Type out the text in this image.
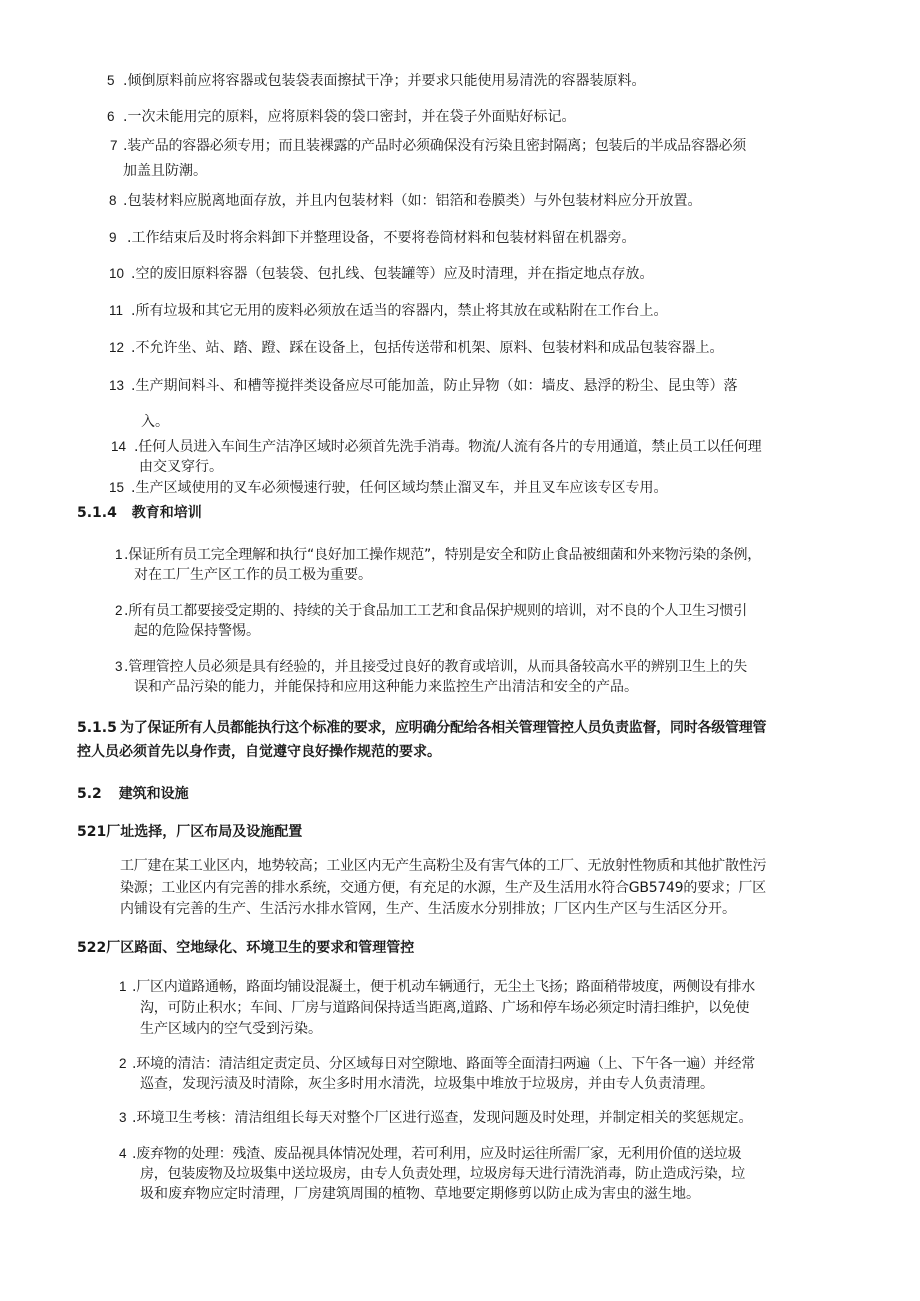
5 .倾倒原料前应将容器或包装袋表面擦拭干净；并要求只能使用易清洗的容器装原料。
6 .一次未能用完的原料，应将原料袋的袋口密封，并在袋子外面贴好标记。
7 .装产品的容器必须专用；而且装裸露的产品时必须确保没有污染且密封隔离；包装后的半成品容器必须
加盖且防潮。
8 .包装材料应脱离地面存放，并且内包装材料（如：铝箔和卷膜类）与外包装材料应分开放置。
9 .工作结束后及时将余料卸下并整理设备，不要将卷筒材料和包装材料留在机器旁。
10 .空的废旧原料容器（包装袋、包扎线、包装罐等）应及时清理，并在指定地点存放。
11 .所有垃圾和其它无用的废料必须放在适当的容器内，禁止将其放在或粘附在工作台上。
12 .不允许坐、站、踏、蹬、踩在设备上，包括传送带和机架、原料、包装材料和成品包装容器上。
13 .生产期间料斗、和槽等搅拌类设备应尽可能加盖，防止异物（如：墙皮、悬浮的粉尘、昆虫等）落
入。
14 .任何人员进入车间生产洁净区域时必须首先洗手消毒。物流/人流有各片的专用通道，禁止员工以任何理
由交叉穿行。
15 .生产区域使用的叉车必须慢速行驶，任何区域均禁止溜叉车，并且叉车应该专区专用。
5.1.4 教育和培训
1 .保证所有员工完全理解和执行“良好加工操作规范”，特别是安全和防止食品被细菌和外来物污染的条例，
对在工厂生产区工作的员工极为重要。
2 .所有员工都要接受定期的、持续的关于食品加工工艺和食品保护规则的培训，对不良的个人卫生习惯引
起的危险保持警惕。
3 .管理管控人员必须是具有经验的，并且接受过良好的教育或培训，从而具备较高水平的辨别卫生上的失
误和产品污染的能力，并能保持和应用这种能力来监控生产出清洁和安全的产品。
5.1.5 为了保证所有人员都能执行这个标准的要求，应明确分配给各相关管理管控人员负责监督，同时各级管理管
控人员必须首先以身作责，自觉遵守良好操作规范的要求。
5.2 建筑和设施
521厂址选择，厂区布局及设施配置
工厂建在某工业区内，地势较高；工业区内无产生高粉尘及有害气体的工厂、无放射性物质和其他扩散性污
染源；工业区内有完善的排水系统，交通方便，有充足的水源，生产及生活用水符合GB5749的要求；厂区
内铺设有完善的生产、生活污水排水管网，生产、生活废水分别排放；厂区内生产区与生活区分开。
522厂区路面、空地绿化、环境卫生的要求和管理管控
1 .厂区内道路通畅，路面均铺设混凝土，便于机动车辆通行，无尘土飞扬；路面稍带坡度，两侧设有排水
沟，可防止积水；车间、厂房与道路间保持适当距离,道路、广场和停车场必须定时清扫维护，以免使
生产区域内的空气受到污染。
2 .环境的清洁：清洁组定责定员、分区域每日对空隙地、路面等全面清扫两遍（上、下午各一遍）并经常
巡查，发现污渍及时清除，灰尘多时用水清洗，垃圾集中堆放于垃圾房，并由专人负责清理。
3 .环境卫生考核：清洁组组长每天对整个厂区进行巡查，发现问题及时处理，并制定相关的奖惩规定。
4 .废弃物的处理：残渣、废品视具体情况处理，若可利用，应及时运往所需厂家，无利用价值的送垃圾
房，包装废物及垃圾集中送垃圾房，由专人负责处理，垃圾房每天进行清洗消毒，防止造成污染，垃
圾和废弃物应定时清理，厂房建筑周围的植物、草地要定期修剪以防止成为害虫的滋生地。
